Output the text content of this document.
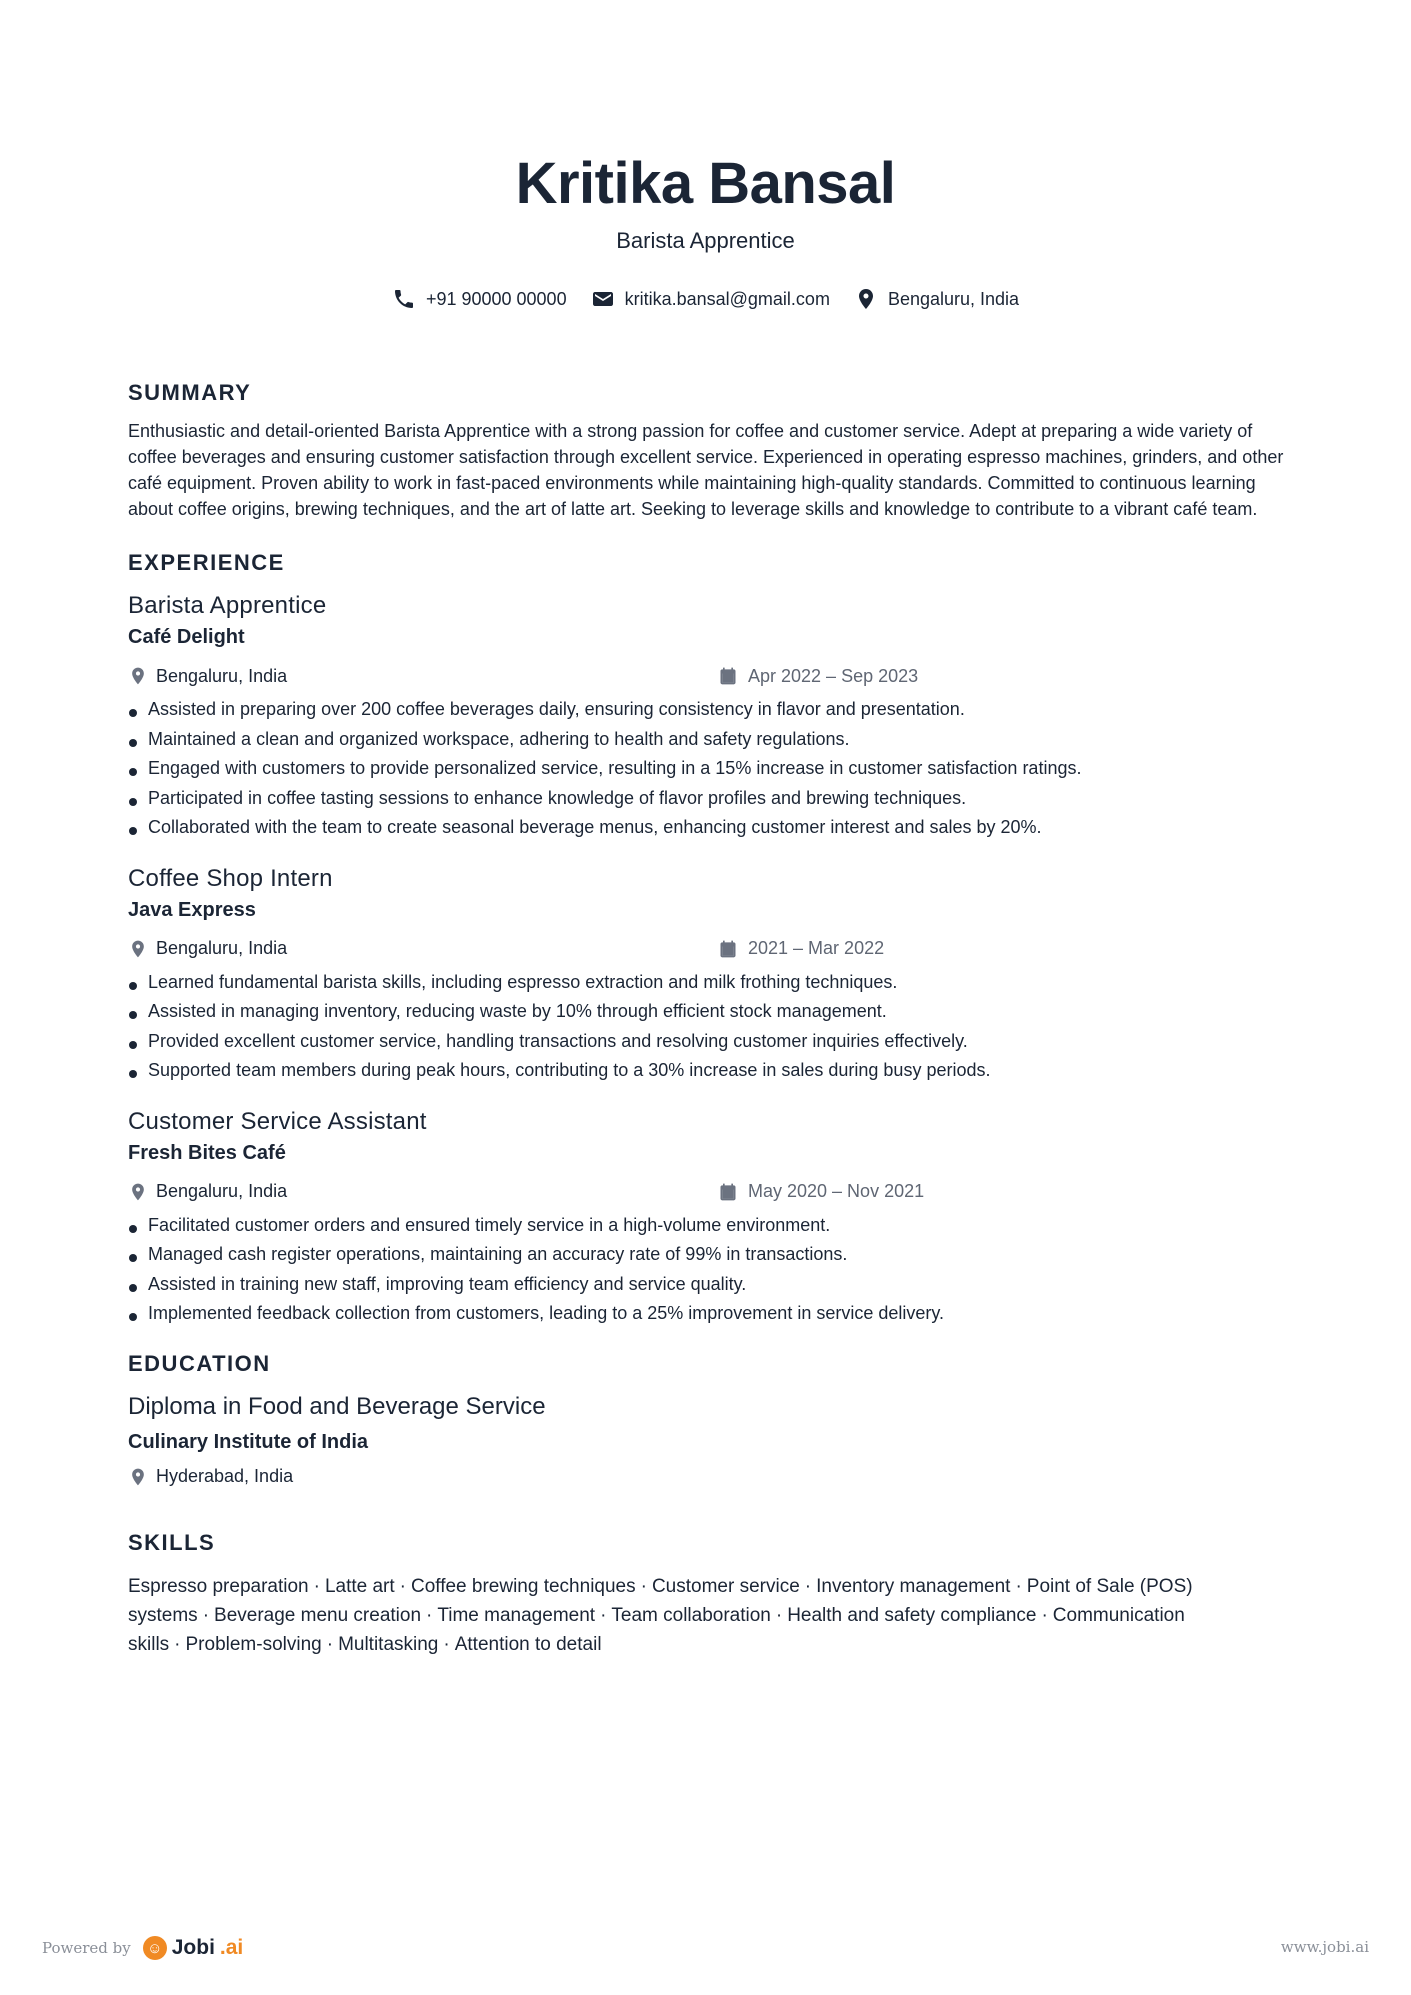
Kritika Bansal
Barista Apprentice
+91 90000 00000	kritika.bansal@gmail.com	Bengaluru, India
SUMMARY

Enthusiastic and detail-oriented Barista Apprentice with a strong passion for coffee and customer service. Adept at preparing a wide variety of coffee beverages and ensuring customer satisfaction through excellent service. Experienced in operating espresso machines, grinders, and other café equipment. Proven ability to work in fast-paced environments while maintaining high-quality standards. Committed to continuous learning about coffee origins, brewing techniques, and the art of latte art. Seeking to leverage skills and knowledge to contribute to a vibrant café team.

EXPERIENCE
Barista Apprentice
Café Delight
Bengaluru, India	Apr 2022 – Sep 2023
Assisted in preparing over 200 coffee beverages daily, ensuring consistency in flavor and presentation.
Maintained a clean and organized workspace, adhering to health and safety regulations.
Engaged with customers to provide personalized service, resulting in a 15% increase in customer satisfaction ratings.
Participated in coffee tasting sessions to enhance knowledge of flavor profiles and brewing techniques.
Collaborated with the team to create seasonal beverage menus, enhancing customer interest and sales by 20%.
Coffee Shop Intern
Java Express
Bengaluru, India	2021 – Mar 2022
Learned fundamental barista skills, including espresso extraction and milk frothing techniques.
Assisted in managing inventory, reducing waste by 10% through efficient stock management.
Provided excellent customer service, handling transactions and resolving customer inquiries effectively.
Supported team members during peak hours, contributing to a 30% increase in sales during busy periods.
Customer Service Assistant
Fresh Bites Café
Bengaluru, India	May 2020 – Nov 2021
Facilitated customer orders and ensured timely service in a high-volume environment.
Managed cash register operations, maintaining an accuracy rate of 99% in transactions.
Assisted in training new staff, improving team efficiency and service quality.
Implemented feedback collection from customers, leading to a 25% improvement in service delivery.
EDUCATION
Diploma in Food and Beverage Service
Culinary Institute of India
Hyderabad, India
SKILLS

Espresso preparation · Latte art · Coffee brewing techniques · Customer service · Inventory management · Point of Sale (POS) systems · Beverage menu creation · Time management · Team collaboration · Health and safety compliance · Communication skills · Problem-solving · Multitasking · Attention to detail

Powered by ☺ Jobi .ai	www.jobi.ai
